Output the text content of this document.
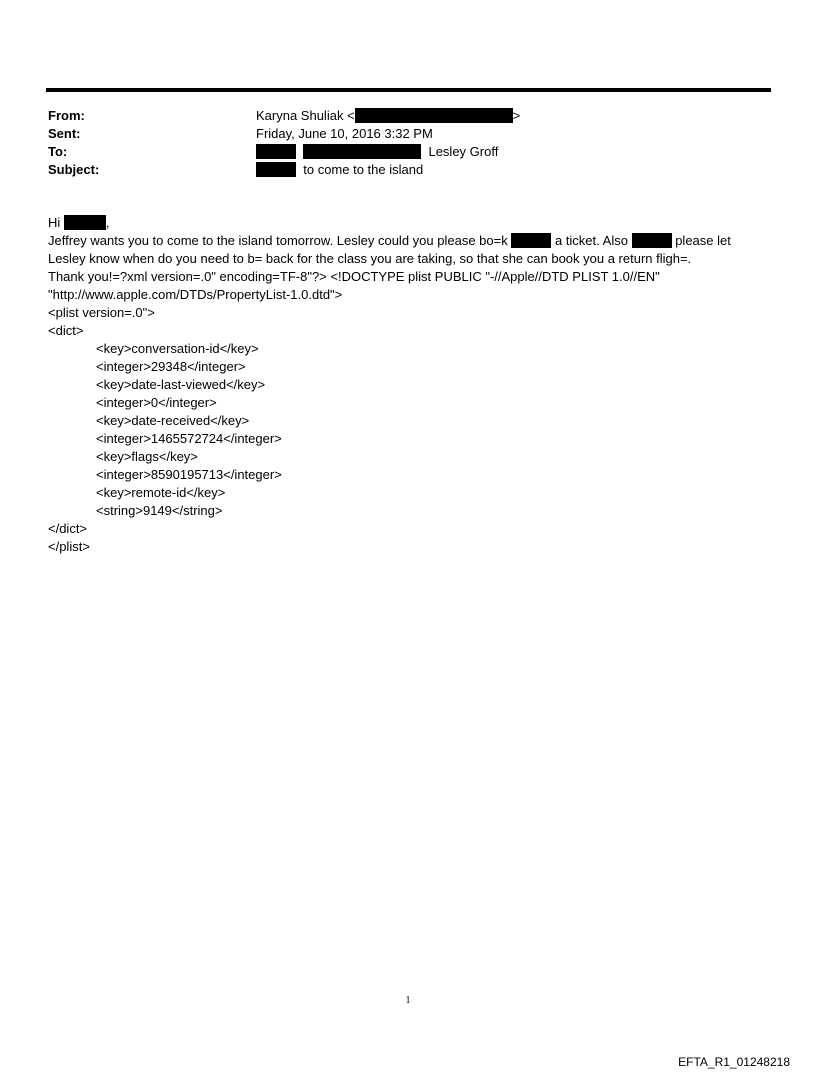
From:	Karyna Shuliak <	>
Sent:	Friday, June 10, 2016 3:32 PM
To:	Lesley Groff
Subject:	to come to the island
Hi	,
Jeffrey wants you to come to the island tomorrow. Lesley could you please bo=k	a ticket. Also	please let
Lesley know when do you need to b= back for the class you are taking, so that she can book you a return fligh=.
Thank you!=?xml version=.0" encoding=TF-8"?> <!DOCTYPE plist PUBLIC "-//Apple//DTD PLIST 1.0//EN"
"http://www.apple.com/DTDs/PropertyList-1.0.dtd">
<plist version=.0">
<dict>
<key>conversation-id</key>
<integer>29348</integer>
<key>date-last-viewed</key>
<integer>0</integer>
<key>date-received</key>
<integer>1465572724</integer>
<key>flags</key>
<integer>8590195713</integer>
<key>remote-id</key>
<string>9149</string>
</dict>
</plist>
1
EFTA_R1_01248218
